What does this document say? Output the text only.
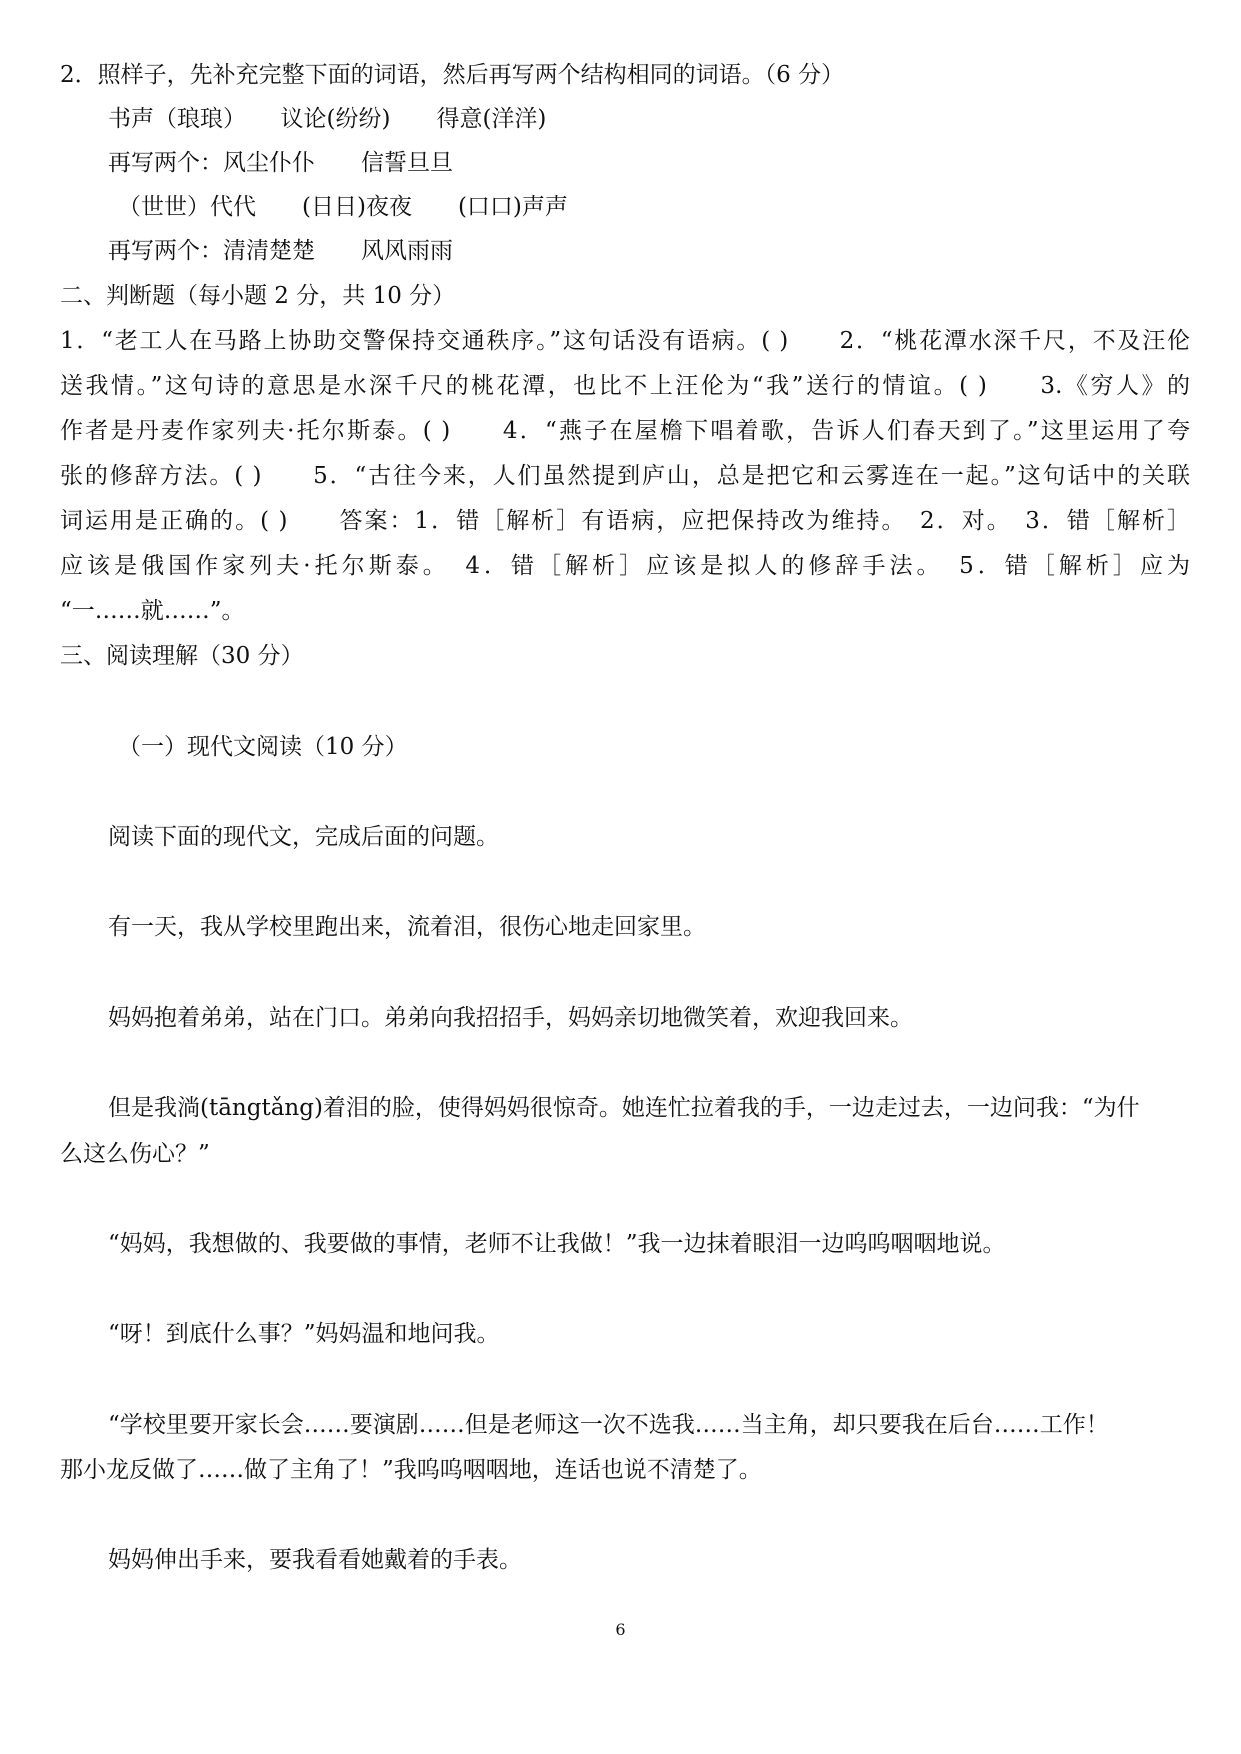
2．照样子，先补充完整下面的词语，然后再写两个结构相同的词语。（6 分）
书声（琅琅）　　议论(纷纷)　　得意(洋洋)
再写两个：风尘仆仆　　信誓旦旦
（世世）代代　　(日日)夜夜　　(口口)声声
再写两个：清清楚楚　　风风雨雨
二、判断题（每小题 2 分，共 10 分）
1．“老工人在马路上协助交警保持交通秩序。”这句话没有语病。( )　　2．“桃花潭水深千尺，不及汪伦
送我情。”这句诗的意思是水深千尺的桃花潭，也比不上汪伦为“我”送行的情谊。( )　　3.《穷人》的
作者是丹麦作家列夫·托尔斯泰。( )　　4．“燕子在屋檐下唱着歌，告诉人们春天到了。”这里运用了夸
张的修辞方法。( )　　5．“古往今来，人们虽然提到庐山，总是把它和云雾连在一起。”这句话中的关联
词运用是正确的。( )　　答案：1．错［解析］有语病，应把保持改为维持。　2．对。　3．错［解析］
应该是俄国作家列夫·托尔斯泰。　4．错［解析］应该是拟人的修辞手法。　5．错［解析］应为
“一……就……”。
三、阅读理解（30 分）
（一）现代文阅读（10 分）
阅读下面的现代文，完成后面的问题。
有一天，我从学校里跑出来，流着泪，很伤心地走回家里。
妈妈抱着弟弟，站在门口。弟弟向我招招手，妈妈亲切地微笑着，欢迎我回来。
但是我淌(tāngtǎng)着泪的脸，使得妈妈很惊奇。她连忙拉着我的手，一边走过去，一边问我：“为什
么这么伤心？”
“妈妈，我想做的、我要做的事情，老师不让我做！”我一边抹着眼泪一边呜呜咽咽地说。
“呀！到底什么事？”妈妈温和地问我。
“学校里要开家长会……要演剧……但是老师这一次不选我……当主角，却只要我在后台……工作！
那小龙反做了……做了主角了！”我呜呜咽咽地，连话也说不清楚了。
妈妈伸出手来，要我看看她戴着的手表。
6
